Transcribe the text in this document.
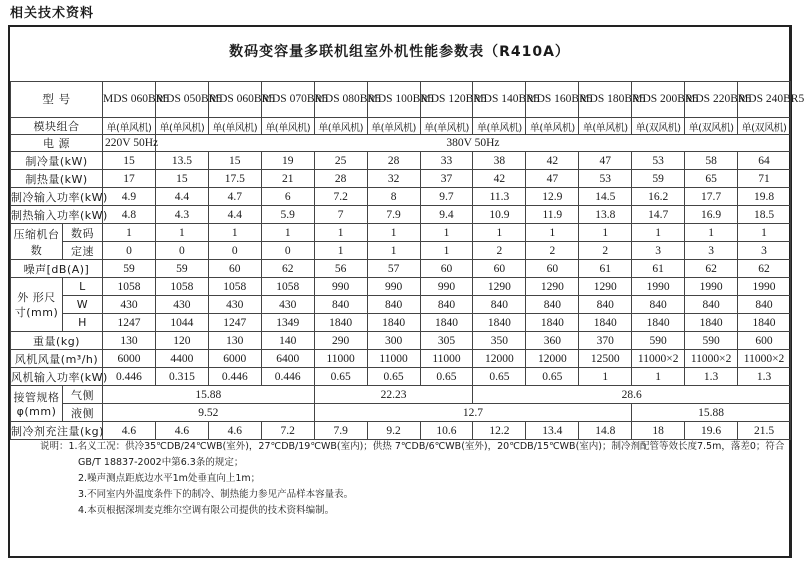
相关技术资料
数码变容量多联机组室外机性能参数表（R410A）
型 号		MDS 060BR5	MDS 050BR5	MDS 060BR5	MDS 070BR5	MDS 080BR5	MDS 100BR5	MDS 120BR5	MDS 140BR5	MDS 160BR5	MDS 180BR5	MDS 200BR5	MDS 220BR5	MDS 240BR5
模块组合		单(单风机)	单(单风机)	单(单风机)	单(单风机)	单(单风机)	单(单风机)	单(单风机)	单(单风机)	单(单风机)	单(单风机)	单(双风机)	单(双风机)	单(双风机)
电 源		220V 50Hz	380V 50Hz											
制冷量(kW)		15	13.5	15	19	25	28	33	38	42	47	53	58	64
制热量(kW)		17	15	17.5	21	28	32	37	42	47	53	59	65	71
制冷输入功率(kW)		4.9	4.4	4.7	6	7.2	8	9.7	11.3	12.9	14.5	16.2	17.7	19.8
制热输入功率(kW)		4.8	4.3	4.4	5.9	7	7.9	9.4	10.9	11.9	13.8	14.7	16.9	18.5
压缩机台 数	数码	1	1	1	1	1	1	1	1	1	1	1	1	1
	定速	0	0	0	0	1	1	1	2	2	2	3	3	3
噪声[dB(A)]		59	59	60	62	56	57	60	60	60	61	61	62	62
外 形尺 寸(mm)	L	1058	1058	1058	1058	990	990	990	1290	1290	1290	1990	1990	1990
	W	430	430	430	430	840	840	840	840	840	840	840	840	840
	H	1247	1044	1247	1349	1840	1840	1840	1840	1840	1840	1840	1840	1840
重量(kg)		130	120	130	140	290	300	305	350	360	370	590	590	600
风机风量(m³/h)		6000	4400	6000	6400	11000	11000	11000	12000	12000	12500	11000×2	11000×2	11000×2
风机输入功率(kW)		0.446	0.315	0.446	0.446	0.65	0.65	0.65	0.65	0.65	1	1	1.3	1.3
接管规格φ(mm)	气侧	15.88				22.23			28.6					
	液侧	9.52				12.7						15.88		
制冷剂充注量(kg)		4.6	4.6	4.6	7.2	7.9	9.2	10.6	12.2	13.4	14.8	18	19.6	21.5
说明：1.名义工况：供冷35℃DB/24℃WB(室外)，27℃DB/19℃WB(室内)；供热 7℃DB/6℃WB(室外)，20℃DB/15℃WB(室内)；制冷剂配管等效长度7.5m，落差0；符合
GB/T 18837-2002中第6.3条的规定；
2.噪声测点距底边水平1m处垂直向上1m；
3.不同室内外温度条件下的制冷、制热能力参见产品样本容量表。
4.本页根据深圳麦克维尔空调有限公司提供的技术资料编制。
